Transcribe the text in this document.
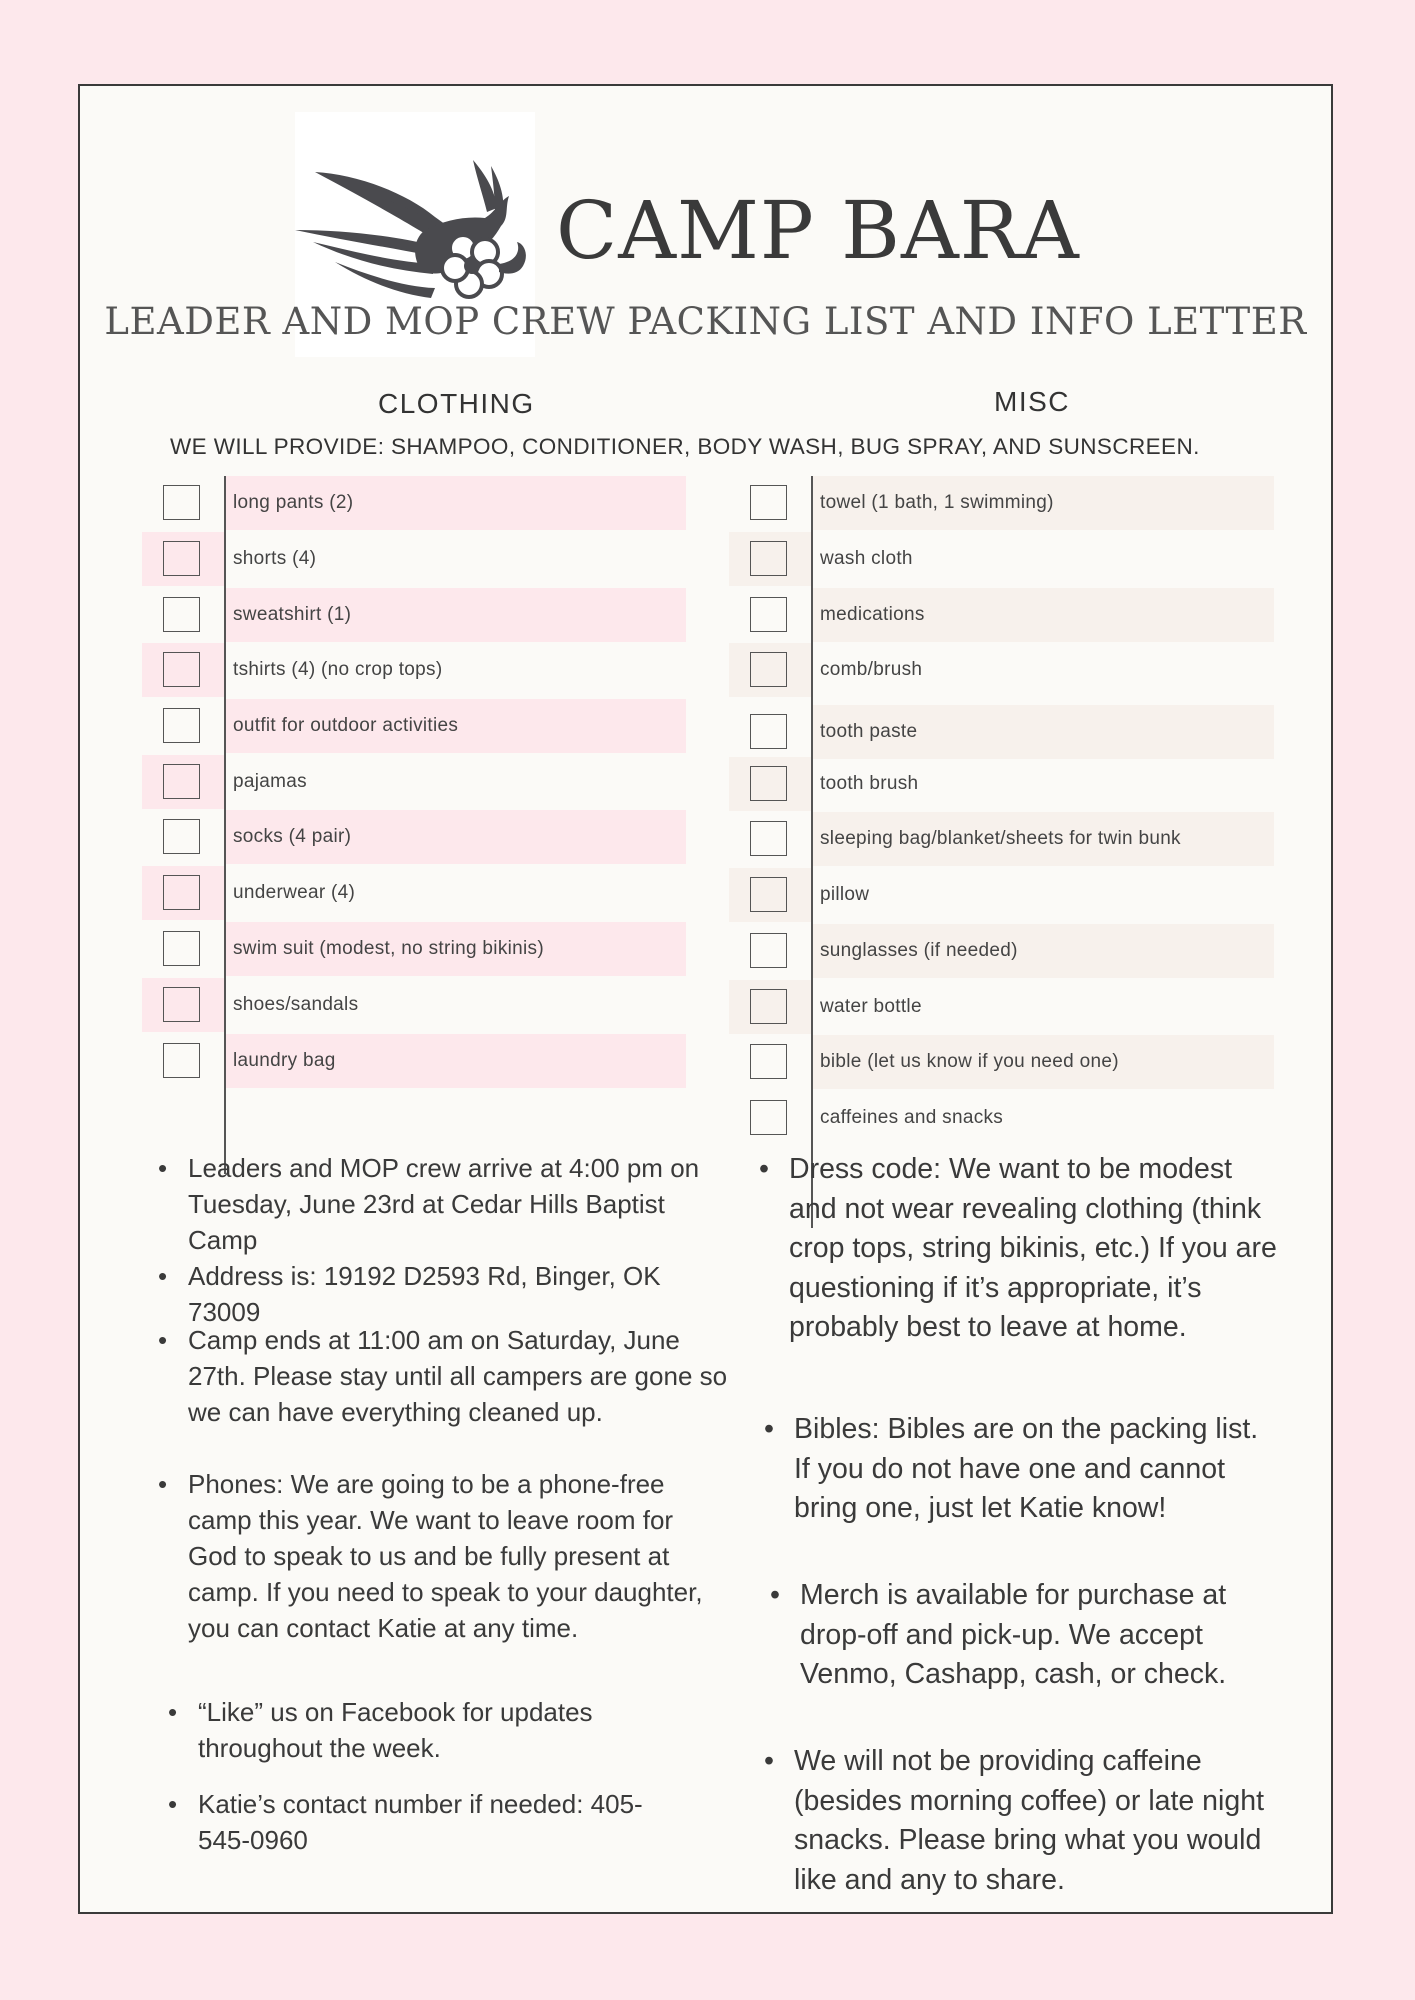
CAMP BARA
LEADER AND MOP CREW PACKING LIST AND INFO LETTER
CLOTHING	MISC
WE WILL PROVIDE: SHAMPOO, CONDITIONER, BODY WASH, BUG SPRAY, AND SUNSCREEN.
long pants (2)
shorts (4)
sweatshirt (1)
tshirts (4) (no crop tops)
outfit for outdoor activities
pajamas
socks (4 pair)
underwear (4)
swim suit (modest, no string bikinis)
shoes/sandals
laundry bag
towel (1 bath, 1 swimming)
wash cloth
medications
comb/brush
tooth paste
tooth brush
sleeping bag/blanket/sheets for twin bunk
pillow
sunglasses (if needed)
water bottle
bible (let us know if you need one)
caffeines and snacks
• Leaders and MOP crew arrive at 4:00 pm on Tuesday, June 23rd at Cedar Hills Baptist Camp
• Address is: 19192 D2593 Rd, Binger, OK 73009
• Camp ends at 11:00 am on Saturday, June 27th. Please stay until all campers are gone so we can have everything cleaned up.
• Phones: We are going to be a phone-free camp this year. We want to leave room for God to speak to us and be fully present at camp. If you need to speak to your daughter, you can contact Katie at any time.
• “Like” us on Facebook for updates throughout the week.
• Katie’s contact number if needed: 405-545-0960
• Dress code: We want to be modest and not wear revealing clothing (think crop tops, string bikinis, etc.) If you are questioning if it’s appropriate, it’s probably best to leave at home.
• Bibles: Bibles are on the packing list. If you do not have one and cannot bring one, just let Katie know!
• Merch is available for purchase at drop-off and pick-up. We accept Venmo, Cashapp, cash, or check.
• We will not be providing caffeine (besides morning coffee) or late night snacks. Please bring what you would like and any to share.
